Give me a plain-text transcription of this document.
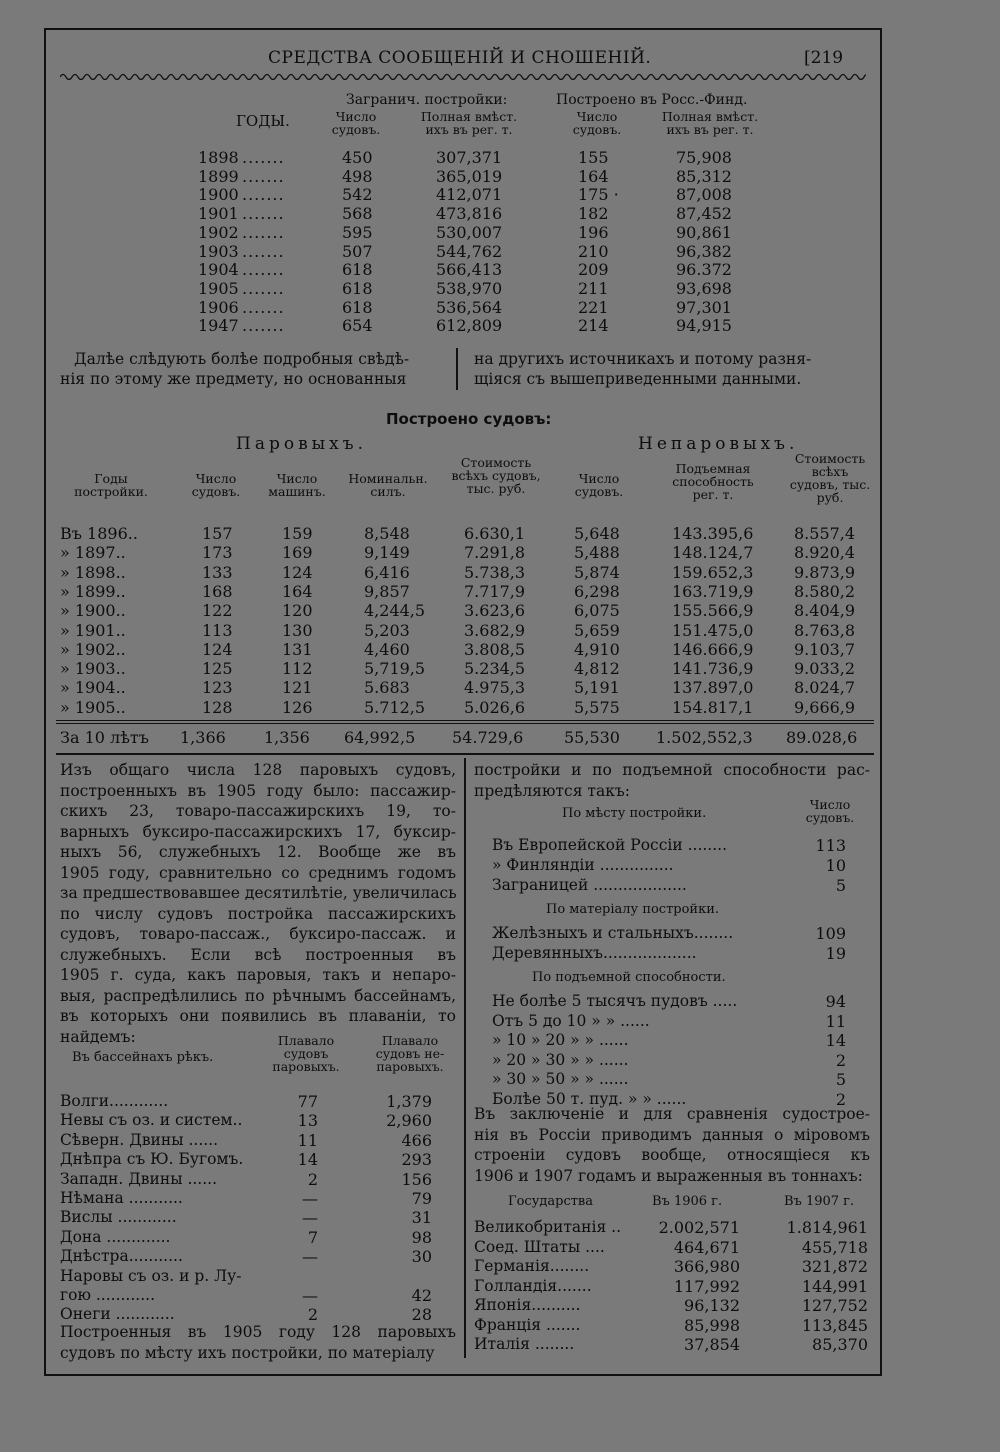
СРЕДСТВА СООБЩЕНІЙ И СНОШЕНІЙ.	[219
ГОДЫ.
Загранич. постройки:	Построено въ Росс.-Финд.
Число судовъ.
Полная вмѣст. ихъ въ рег. т.
Число судовъ.
Полная вмѣст. ихъ въ рег. т.
1898 .......	450	307,371	155	75,908
1899 .......	498	365,019	164	85,312
1900 .......	542	412,071	175 ·	87,008
1901 .......	568	473,816	182	87,452
1902 .......	595	530,007	196	90,861
1903 .......	507	544,762	210	96,382
1904 .......	618	566,413	209	96.372
1905 .......	618	538,970	211	93,698
1906 .......	618	536,564	221	97,301
1947 .......	654	612,809	214	94,915
Далѣе слѣдують болѣе подробныя свѣдѣ-
нія по этому же предмету, но основанныя
на другихъ источникахъ и потому разня-
щіяся съ вышеприведенными данными.
Построено судовъ:
Паровыхъ.	Непаровыхъ.
Годы постройки.
Число судовъ.
Число машинъ.
Номинальн. силъ.
Стоимость всѣхъ судовъ, тыс. руб.
Число судовъ.
Подъемная способность рег. т.
Стоимость всѣхъ судовъ, тыс. руб.
Въ 1896..	157	159	8,548	6.630,1	5,648	143.395,6	8.557,4
» 1897..	173	169	9,149	7.291,8	5,488	148.124,7	8.920,4
» 1898..	133	124	6,416	5.738,3	5,874	159.652,3	9.873,9
» 1899..	168	164	9,857	7.717,9	6,298	163.719,9	8.580,2
» 1900..	122	120	4,244,5 3.623,6	6,075	155.566,9	8.404,9
» 1901..	113	130	5,203	3.682,9	5,659	151.475,0	8.763,8
» 1902..	124	131	4,460	3.808,5	4,910	146.666,9	9.103,7
» 1903..	125	112	5,719,5 5.234,5	4,812	141.736,9	9.033,2
» 1904..	123	121	5.683	4.975,3	5,191	137.897,0	8.024,7
» 1905..	128	126	5.712,5 5.026,6	5,575	154.817,1	9,666,9
За 10 лѣтъ 1,366 1,356 64,992,5 54.729,6	55,530 1.502,552,3 89.028,6
Изъ общаго числа 128 паровыхъ судовъ,
построенныхъ въ 1905 году было: пассажир-
скихъ 23, товаро-пассажирскихъ 19, то-
варныхъ буксиро-пассажирскихъ 17, буксир-
ныхъ 56, служебныхъ 12. Вообще же въ
1905 году, сравнительно со среднимъ годомъ
за предшествовавшее десятилѣтіе, увеличилась
по числу судовъ постройка пассажирскихъ
судовъ, товаро-пассаж., буксиро-пассаж. и
служебныхъ. Если всѣ построенныя въ
1905 г. суда, какъ паровыя, такъ и непаро-
выя, распредѣлились по рѣчнымъ бассейнамъ,
въ которыхъ они появились въ плаваніи, то
найдемъ:
Въ бассейнахъ рѣкъ.
Плавало судовъ паровыхъ.
Плавало судовъ не-паровыхъ.
Волги............	77	1,379
Невы съ оз. и систем..	13	2,960
Сѣверн. Двины ......	11	466
Днѣпра съ Ю. Бугомъ.	14	293
Западн. Двины ......	2	156
Нѣмана ...........	—	79
Вислы ............	—	31
Дона .............	7	98
Днѣстра...........	—	30
Наровы съ оз. и р. Лу-
гою ............	—	42
Онеги ............	2	28
Построенныя въ 1905 году 128 паровыхъ
судовъ по мѣсту ихъ постройки, по матеріалу
постройки и по подъемной способности рас-
предѣляются такъ:
По мѣсту постройки.
Число судовъ.
Въ Европейской Россіи ........	113
» Финляндіи ...............	10
Заграницей ...................	5
По матеріалу постройки.
Желѣзныхъ и стальныхъ........	109
Деревянныхъ...................	19
По подъемной способности.
Не болѣе 5 тысячъ пудовъ .....	94
Отъ 5 до 10 » » ......	11
» 10 » 20 » » ......	14
» 20 » 30 » » ......	2
» 30 » 50 » » ......	5
Болѣе 50 т. пуд. » » ......	2
Въ заключеніе и для сравненія судострое-
нія въ Россіи приводимъ данныя о міровомъ
строеніи судовъ вообще, относящіеся къ
1906 и 1907 годамъ и выраженныя въ тоннахъ:
Государства	Въ 1906 г.	Въ 1907 г.
Великобританія ..	2.002,571	1.814,961
Соед. Штаты ....	464,671	455,718
Германія........	366,980	321,872
Голландія.......	117,992	144,991
Японія..........	96,132	127,752
Франція .......	85,998	113,845
Италія ........	37,854	85,370
